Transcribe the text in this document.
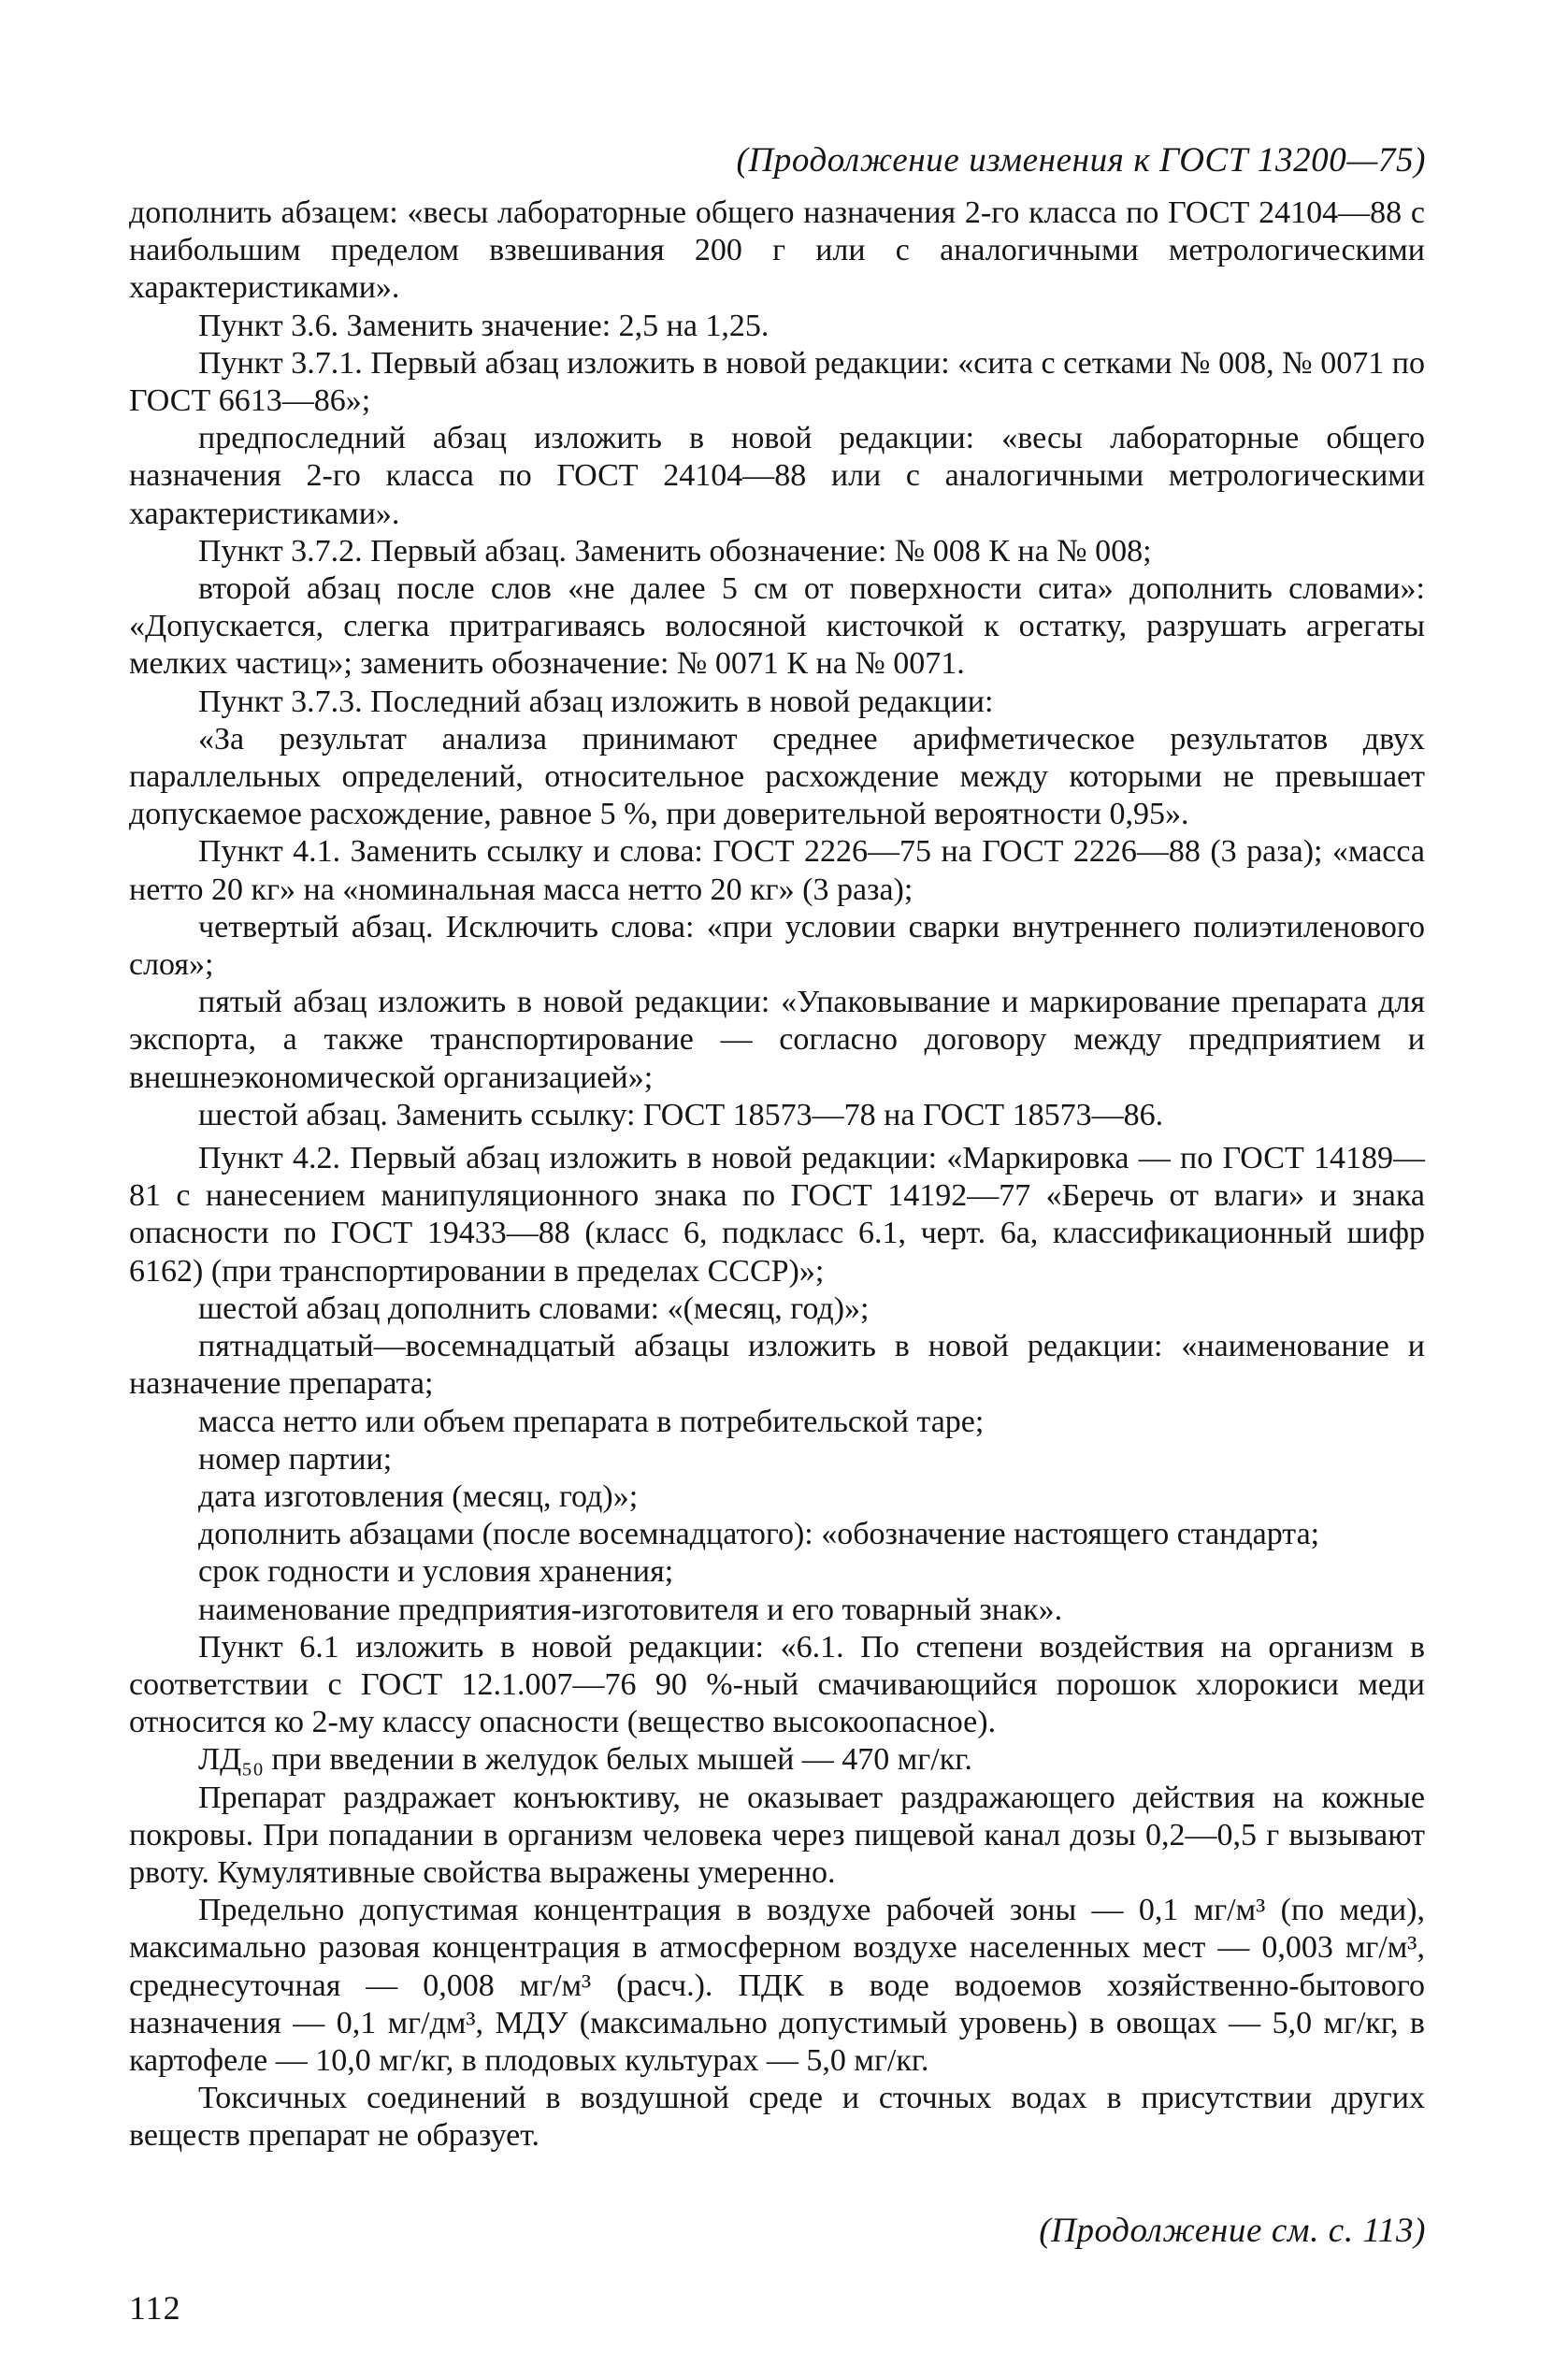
(Продолжение изменения к ГОСТ 13200—75)

дополнить абзацем: «весы лабораторные общего назначения 2-го класса по ГОСТ 24104—88 с наибольшим пределом взвешивания 200 г или с аналогичными метрологическими характеристиками».

Пункт 3.6. Заменить значение: 2,5 на 1,25.

Пункт 3.7.1. Первый абзац изложить в новой редакции: «сита с сетками № 008, № 0071 по ГОСТ 6613—86»;

предпоследний абзац изложить в новой редакции: «весы лабораторные общего назначения 2-го класса по ГОСТ 24104—88 или с аналогичными метрологическими характеристиками».

Пункт 3.7.2. Первый абзац. Заменить обозначение: № 008 К на № 008;

второй абзац после слов «не далее 5 см от поверхности сита» дополнить словами»: «Допускается, слегка притрагиваясь волосяной кисточкой к остатку, разрушать агрегаты мелких частиц»; заменить обозначение: № 0071 К на № 0071.

Пункт 3.7.3. Последний абзац изложить в новой редакции:

«За результат анализа принимают среднее арифметическое результатов двух параллельных определений, относительное расхождение между которыми не превышает допускаемое расхождение, равное 5 %, при доверительной вероятности 0,95».

Пункт 4.1. Заменить ссылку и слова: ГОСТ 2226—75 на ГОСТ 2226—88 (3 раза); «масса нетто 20 кг» на «номинальная масса нетто 20 кг» (3 раза);

четвертый абзац. Исключить слова: «при условии сварки внутреннего полиэтиленового слоя»;

пятый абзац изложить в новой редакции: «Упаковывание и маркирование препарата для экспорта, а также транспортирование — согласно договору между предприятием и внешнеэкономической организацией»;

шестой абзац. Заменить ссылку: ГОСТ 18573—78 на ГОСТ 18573—86.

Пункт 4.2. Первый абзац изложить в новой редакции: «Маркировка — по ГОСТ 14189—81 с нанесением манипуляционного знака по ГОСТ 14192—77 «Беречь от влаги» и знака опасности по ГОСТ 19433—88 (класс 6, подкласс 6.1, черт. 6а, классификационный шифр 6162) (при транспортировании в пределах СССР)»;

шестой абзац дополнить словами: «(месяц, год)»;

пятнадцатый—восемнадцатый абзацы изложить в новой редакции: «наименование и назначение препарата;

масса нетто или объем препарата в потребительской таре;

номер партии;

дата изготовления (месяц, год)»;

дополнить абзацами (после восемнадцатого): «обозначение настоящего стандарта;

срок годности и условия хранения;

наименование предприятия-изготовителя и его товарный знак».

Пункт 6.1 изложить в новой редакции: «6.1. По степени воздействия на организм в соответствии с ГОСТ 12.1.007—76 90 %-ный смачивающийся порошок хлорокиси меди относится ко 2-му классу опасности (вещество высокоопасное).

ЛД₅₀ при введении в желудок белых мышей — 470 мг/кг.

Препарат раздражает конъюктиву, не оказывает раздражающего действия на кожные покровы. При попадании в организм человека через пищевой канал дозы 0,2—0,5 г вызывают рвоту. Кумулятивные свойства выражены умеренно.

Предельно допустимая концентрация в воздухе рабочей зоны — 0,1 мг/м³ (по меди), максимально разовая концентрация в атмосферном воздухе населенных мест — 0,003 мг/м³, среднесуточная — 0,008 мг/м³ (расч.). ПДК в воде водоемов хозяйственно-бытового назначения — 0,1 мг/дм³, МДУ (максимально допустимый уровень) в овощах — 5,0 мг/кг, в картофеле — 10,0 мг/кг, в плодовых культурах — 5,0 мг/кг.

Токсичных соединений в воздушной среде и сточных водах в присутствии других веществ препарат не образует.

(Продолжение см. с. 113)
112
